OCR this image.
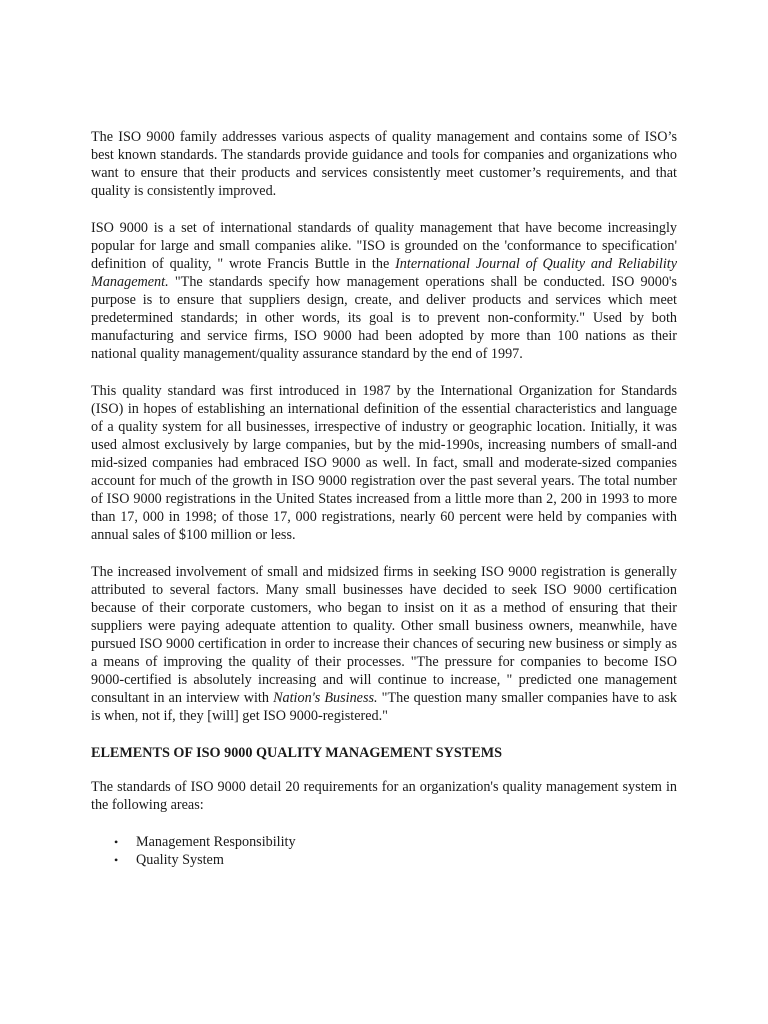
The ISO 9000 family addresses various aspects of quality management and contains some of ISO’s best known standards. The standards provide guidance and tools for companies and organizations who want to ensure that their products and services consistently meet customer’s requirements, and that quality is consistently improved.

ISO 9000 is a set of international standards of quality management that have become increasingly popular for large and small companies alike. "ISO is grounded on the 'conformance to specification' definition of quality, " wrote Francis Buttle in the International Journal of Quality and Reliability Management. "The standards specify how management operations shall be conducted. ISO 9000's purpose is to ensure that suppliers design, create, and deliver products and services which meet predetermined standards; in other words, its goal is to prevent non-conformity." Used by both manufacturing and service firms, ISO 9000 had been adopted by more than 100 nations as their national quality management/quality assurance standard by the end of 1997.

This quality standard was first introduced in 1987 by the International Organization for Standards (ISO) in hopes of establishing an international definition of the essential characteristics and language of a quality system for all businesses, irrespective of industry or geographic location. Initially, it was used almost exclusively by large companies, but by the mid-1990s, increasing numbers of small-and mid-sized companies had embraced ISO 9000 as well. In fact, small and moderate-sized companies account for much of the growth in ISO 9000 registration over the past several years. The total number of ISO 9000 registrations in the United States increased from a little more than 2, 200 in 1993 to more than 17, 000 in 1998; of those 17, 000 registrations, nearly 60 percent were held by companies with annual sales of $100 million or less.

The increased involvement of small and midsized firms in seeking ISO 9000 registration is generally attributed to several factors. Many small businesses have decided to seek ISO 9000 certification because of their corporate customers, who began to insist on it as a method of ensuring that their suppliers were paying adequate attention to quality. Other small business owners, meanwhile, have pursued ISO 9000 certification in order to increase their chances of securing new business or simply as a means of improving the quality of their processes. "The pressure for companies to become ISO 9000-certified is absolutely increasing and will continue to increase, " predicted one management consultant in an interview with Nation's Business. "The question many smaller companies have to ask is when, not if, they [will] get ISO 9000-registered."

ELEMENTS OF ISO 9000 QUALITY MANAGEMENT SYSTEMS

The standards of ISO 9000 detail 20 requirements for an organization's quality management system in the following areas:

• Management Responsibility
• Quality System
